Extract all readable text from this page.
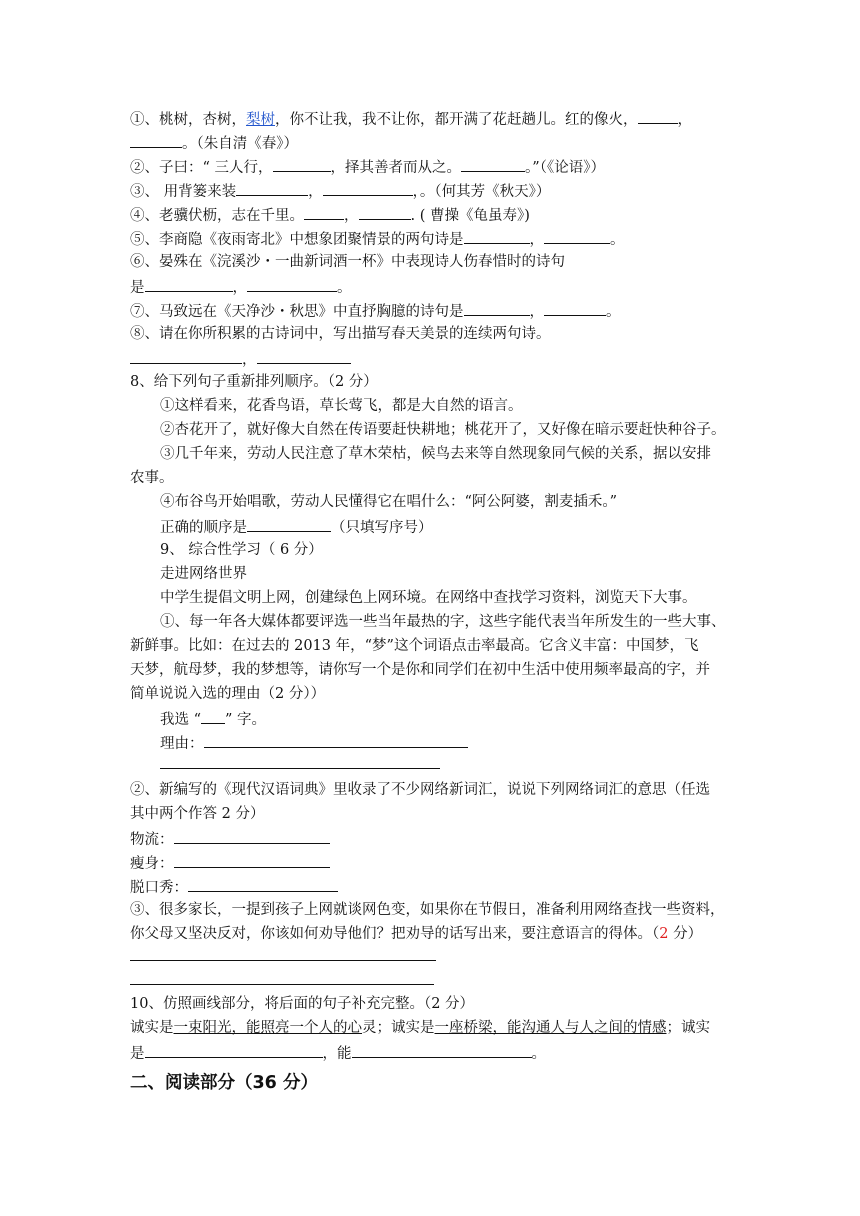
①、桃树，杏树，梨树，你不让我，我不让你，都开满了花赶趟儿。红的像火，	，
。（朱自清《春》）
②、子曰：“ 三人行，	，择其善者而从之。	。”（《论语》）
③、 用背篓来装	，	，。（何其芳《秋天》）
④、老骥伏枥，志在千里。	，	. ( 曹操《龟虽寿》)
⑤、李商隐《夜雨寄北》中想象团聚情景的两句诗是	，	。
⑥、晏殊在《浣溪沙・一曲新词酒一杯》中表现诗人伤春惜时的诗句
是	，	。
⑦、马致远在《天净沙・秋思》中直抒胸臆的诗句是	，	。
⑧、请在你所积累的古诗词中，写出描写春天美景的连续两句诗。
，
8、给下列句子重新排列顺序。（2 分）
①这样看来，花香鸟语，草长莺飞，都是大自然的语言。
②杏花开了，就好像大自然在传语要赶快耕地；桃花开了，又好像在暗示要赶快种谷子。
③几千年来，劳动人民注意了草木荣枯，候鸟去来等自然现象同气候的关系，据以安排
农事。
④布谷鸟开始唱歌，劳动人民懂得它在唱什么：“阿公阿婆，割麦插禾。”
正确的顺序是	（只填写序号）
9、 综合性学习（ 6 分）
走进网络世界
中学生提倡文明上网，创建绿色上网环境。在网络中查找学习资料，浏览天下大事。
①、每一年各大媒体都要评选一些当年最热的字，这些字能代表当年所发生的一些大事、
新鲜事。比如：在过去的 2013 年，“梦”这个词语点击率最高。它含义丰富：中国梦，飞
天梦，航母梦，我的梦想等，请你写一个是你和同学们在初中生活中使用频率最高的字，并
简单说说入选的理由（2 分））
我选 “ ” 字。
理由：
②、新编写的《现代汉语词典》里收录了不少网络新词汇，说说下列网络词汇的意思（任选
其中两个作答 2 分）
物流：
瘦身：
脱口秀：
③、很多家长，一提到孩子上网就谈网色变，如果你在节假日，准备利用网络查找一些资料，
你父母又坚决反对，你该如何劝导他们？把劝导的话写出来，要注意语言的得体。（2 分）
10、仿照画线部分，将后面的句子补充完整。（2 分）
诚实是一束阳光，能照亮一个人的心灵；诚实是一座桥梁，能沟通人与人之间的情感；诚实
是	，能	。
二、阅读部分（36 分）
